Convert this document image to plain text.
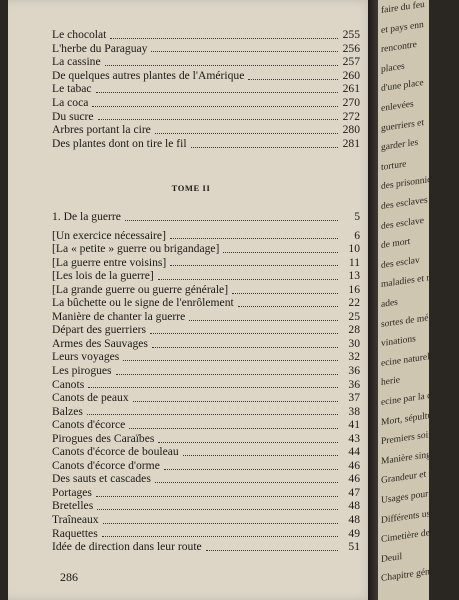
Le chocolat	255
L'herbe du Paraguay	256
La cassine	257
De quelques autres plantes de l'Amérique	260
Le tabac	261
La coca	270
Du sucre	272
Arbres portant la cire	280
Des plantes dont on tire le fil	281
TOME II
1. De la guerre	5
[Un exercice nécessaire]	6
[La « petite » guerre ou brigandage]	10
[La guerre entre voisins]	11
[Les lois de la guerre]	13
[La grande guerre ou guerre générale]	16
La bûchette ou le signe de l'enrôlement	22
Manière de chanter la guerre	25
Départ des guerriers	28
Armes des Sauvages	30
Leurs voyages	32
Les pirogues	36
Canots	36
Canots de peaux	37
Balzes	38
Canots d'écorce	41
Pirogues des Caraïbes	43
Canots d'écorce de bouleau	44
Canots d'écorce d'orme	46
Des sauts et cascades	46
Portages	47
Bretelles	48
Traîneaux	48
Raquettes	49
Idée de direction dans leur route	51
286
faire du feu
et pays enn
rencontre
places
d'une place
enlevées
guerriers et
garder les
torture
des prisonniers
des esclaves
des esclave
de mort
des esclav
maladies et méde
ades
sortes de mé
vinations
ecine naturelle
herie
ecine par la div
Mort, sépulture
Premiers soins ren
Manière singulière
Grandeur et manière
Usages pour les mo
Différents usages
Cimetière des pa
Deuil
Chapitre général des
